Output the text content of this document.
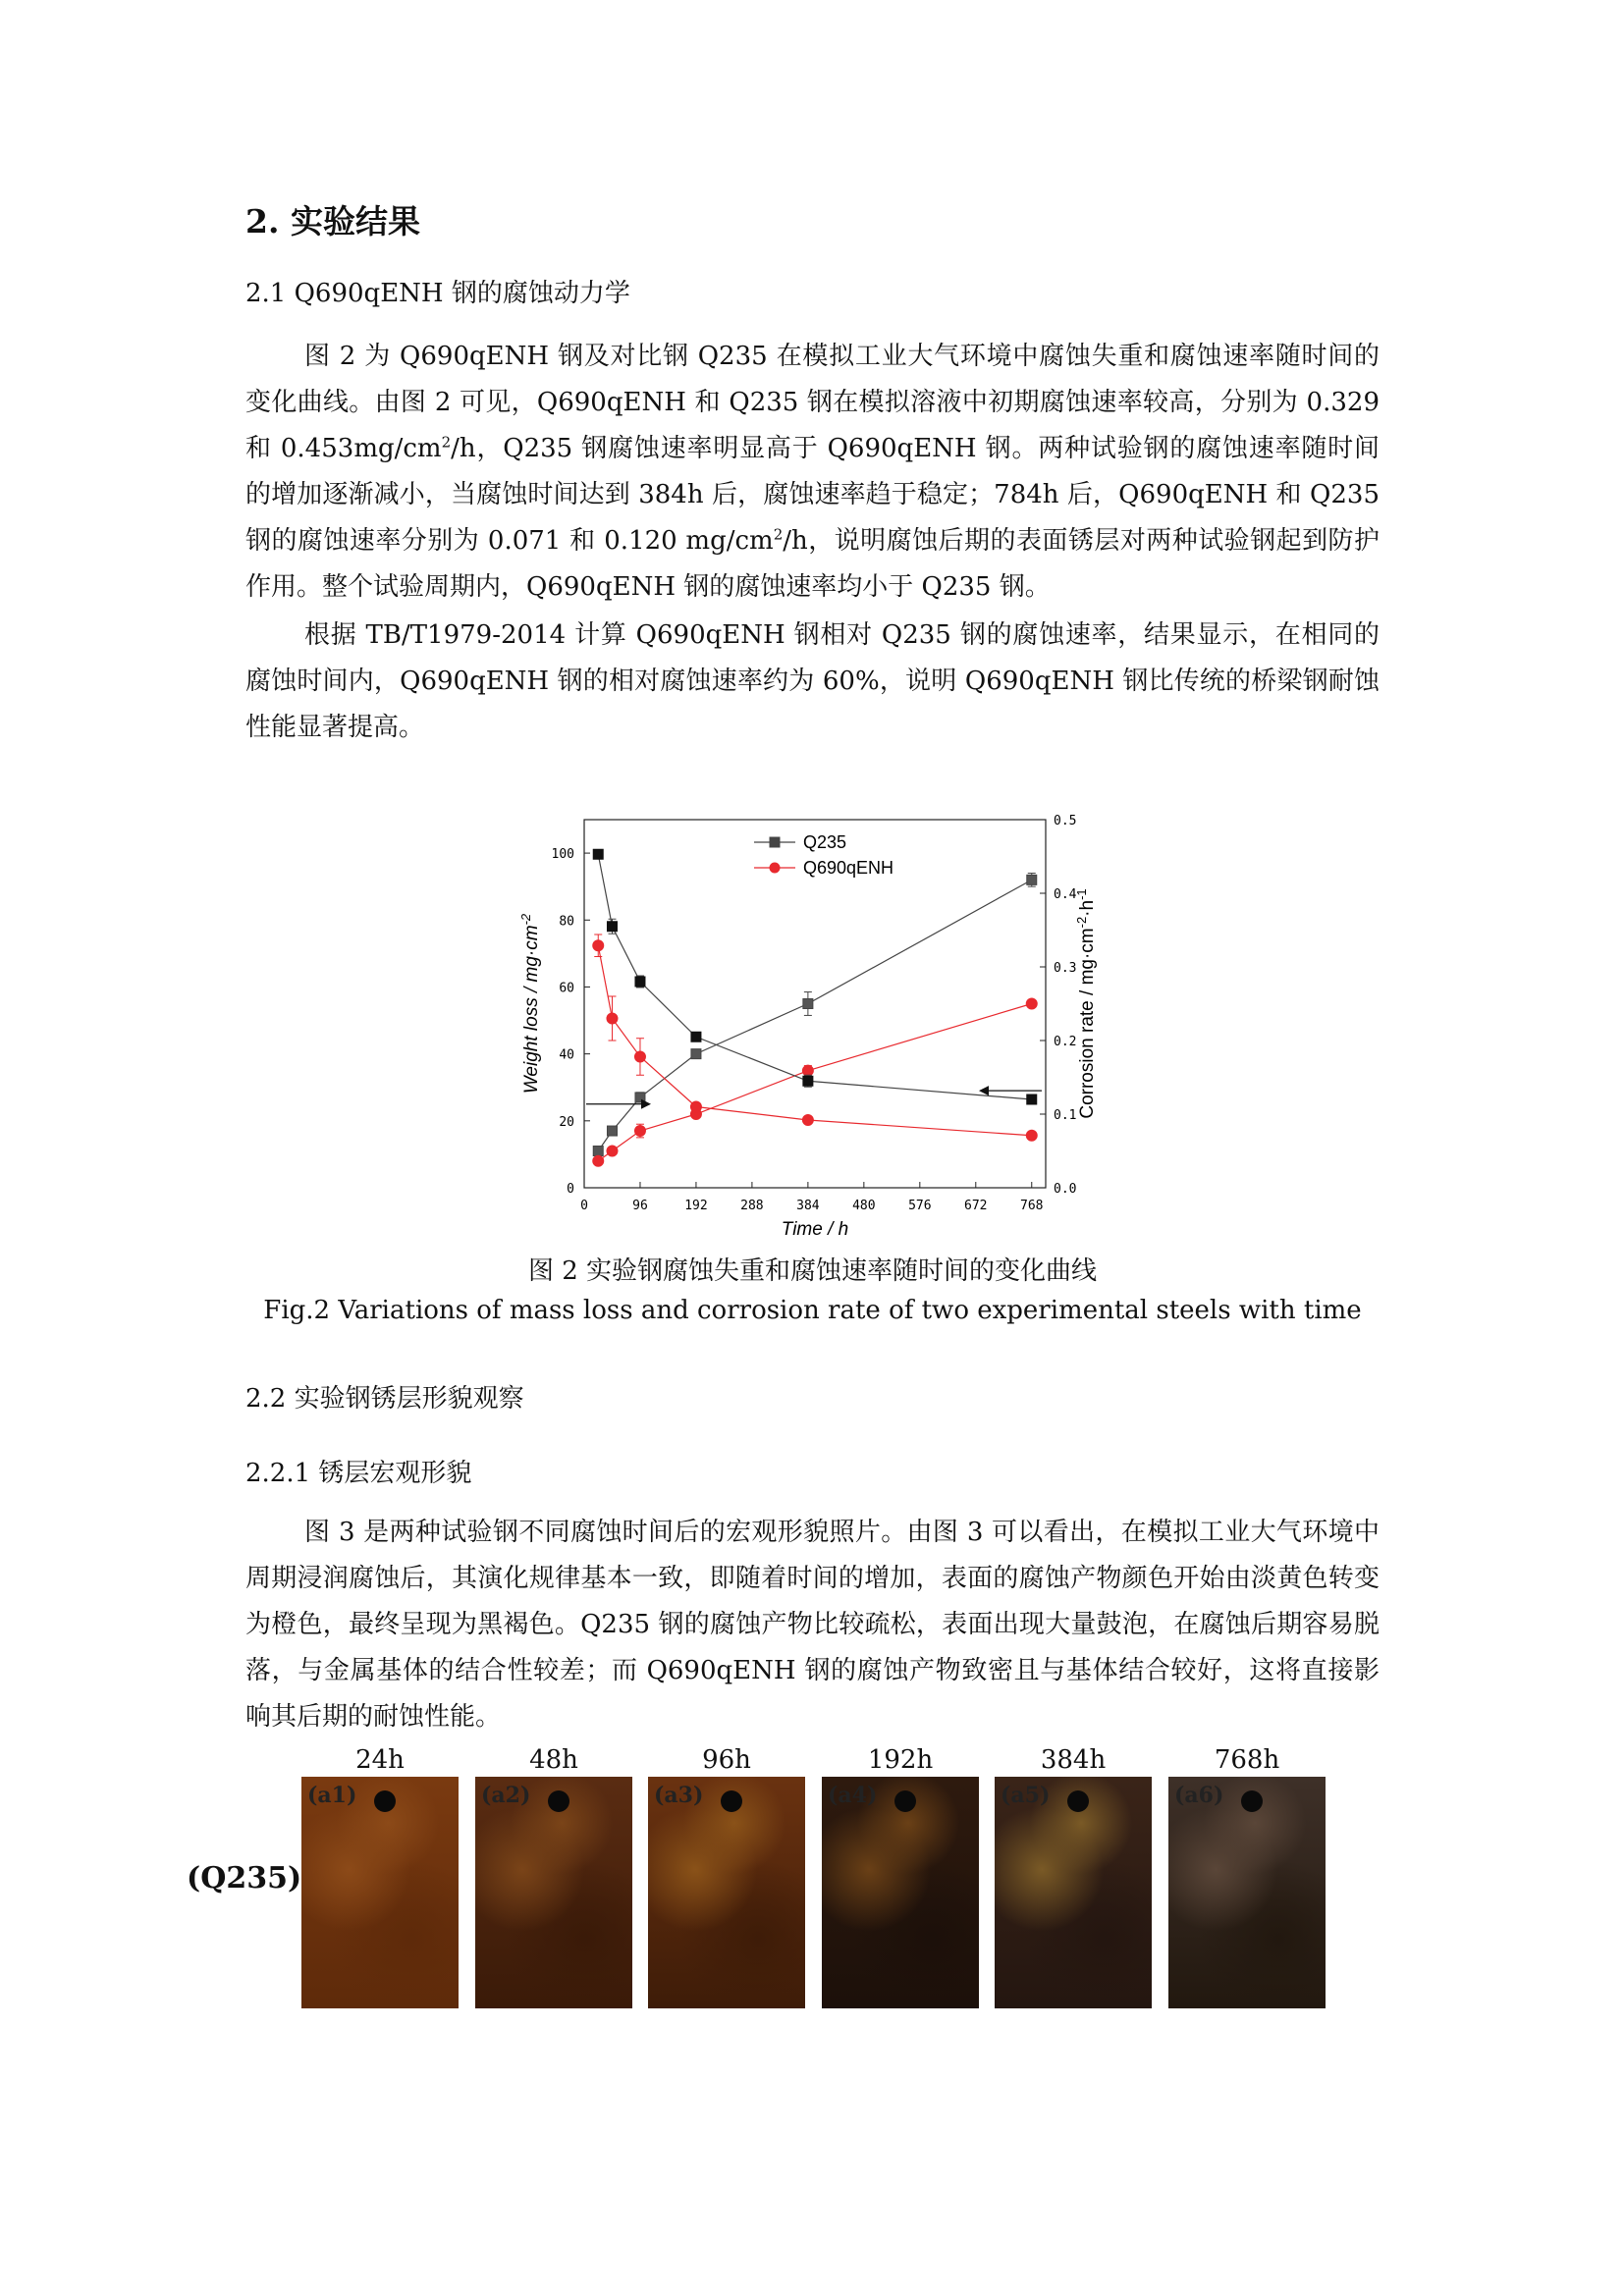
2. 实验结果
2.1 Q690qENH 钢的腐蚀动力学

图 2 为 Q690qENH 钢及对比钢 Q235 在模拟工业大气环境中腐蚀失重和腐蚀速率随时间的变化曲线。由图 2 可见，Q690qENH 和 Q235 钢在模拟溶液中初期腐蚀速率较高，分别为 0.329 和 $0.453mg/cm^2/h$，Q235 钢腐蚀速率明显高于 Q690qENH 钢。两种试验钢的腐蚀速率随时间的增加逐渐减小，当腐蚀时间达到 384h 后，腐蚀速率趋于稳定；784h 后，Q690qENH 和 Q235 钢的腐蚀速率分别为 0.071 和 0.120 $mg/cm^2/h$，说明腐蚀后期的表面锈层对两种试验钢起到防护作用。整个试验周期内，Q690qENH 钢的腐蚀速率均小于 Q235 钢。

根据 TB/T1979-2014 计算 Q690qENH 钢相对 Q235 钢的腐蚀速率，结果显示，在相同的腐蚀时间内，Q690qENH 钢的相对腐蚀速率约为 60%，说明 Q690qENH 钢比传统的桥梁钢耐蚀性能显著提高。

0	96	192	288	384	480	576	672	768
0
20
40
60
80
100
0.0
0.1
0.2
0.3
0.4
0.5
Q235
Q690qENH
Time / h
Weight loss / $mg\cdot cm^{-2}$
Corrosion rate / $mg\cdot cm^{-2}\cdot h^{-1}$

图 2 实验钢腐蚀失重和腐蚀速率随时间的变化曲线

Fig.2 Variations of mass loss and corrosion rate of two experimental steels with time

2.2 实验钢锈层形貌观察
2.2.1 锈层宏观形貌

图 3 是两种试验钢不同腐蚀时间后的宏观形貌照片。由图 3 可以看出，在模拟工业大气环境中周期浸润腐蚀后，其演化规律基本一致，即随着时间的增加，表面的腐蚀产物颜色开始由淡黄色转变为橙色，最终呈现为黑褐色。Q235 钢的腐蚀产物比较疏松，表面出现大量鼓泡，在腐蚀后期容易脱落，与金属基体的结合性较差；而 Q690qENH 钢的腐蚀产物致密且与基体结合较好，这将直接影响其后期的耐蚀性能。

(Q235)
24h
(a1)
48h
(a2)
96h
(a3)
192h
(a4)
384h
(a5)
768h
(a6)
